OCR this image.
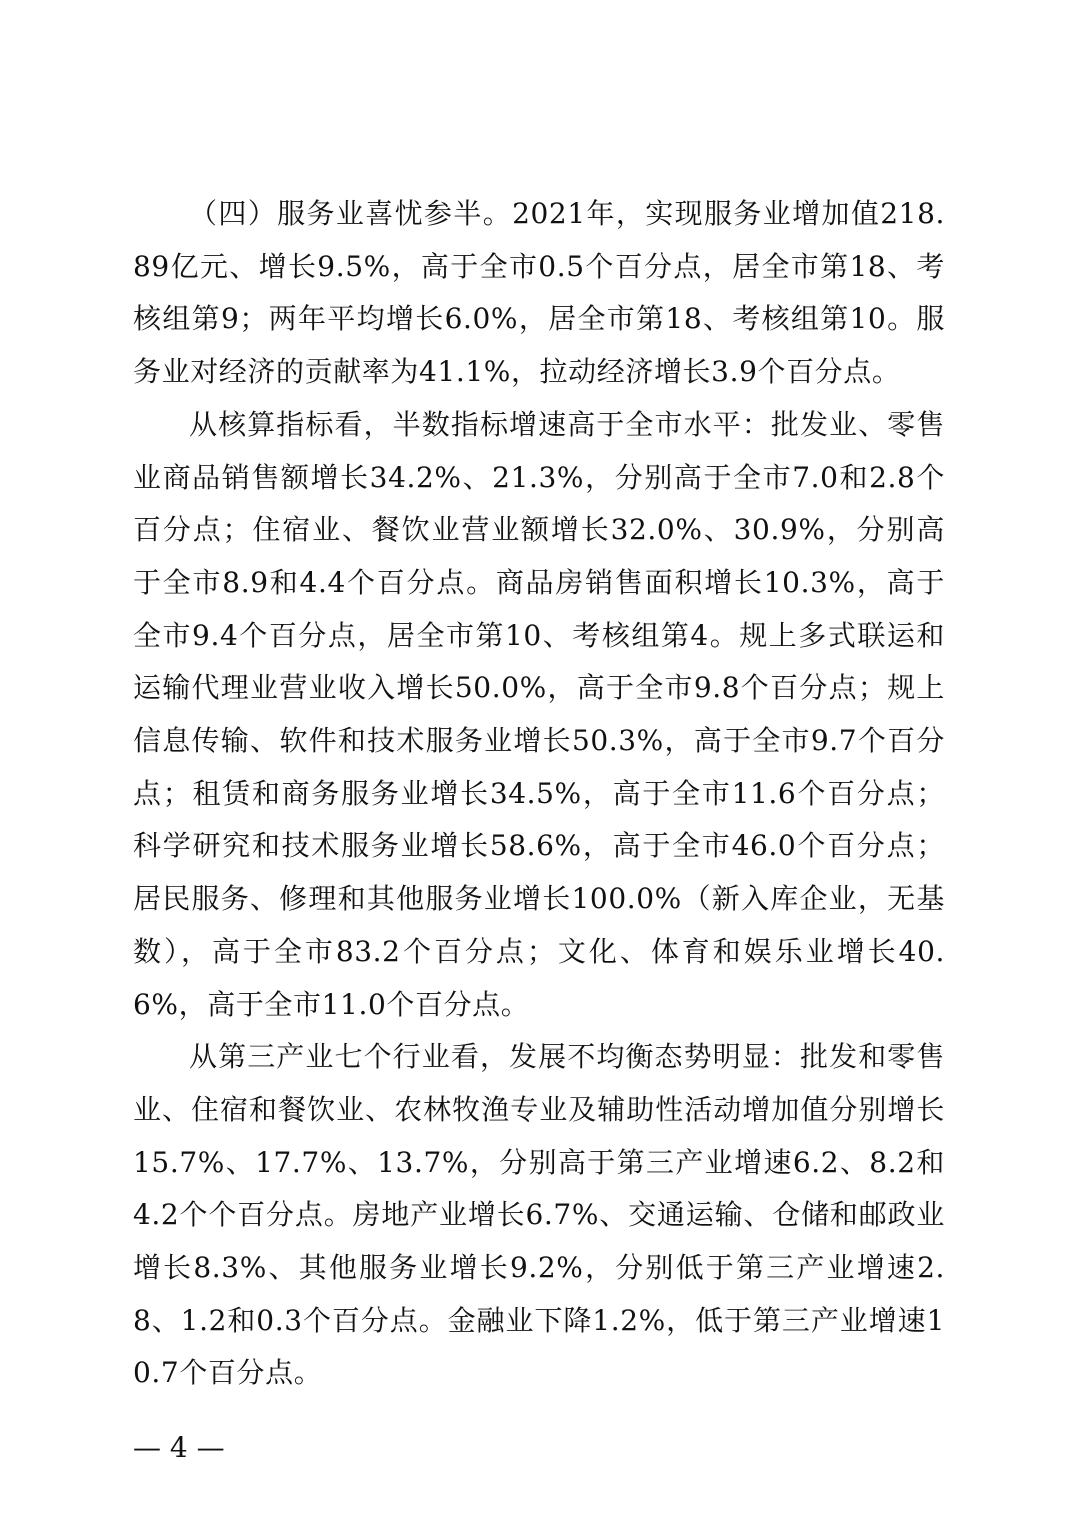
（四）服务业喜忧参半。2021年，实现服务业增加值218.89亿元、增长9.5%，高于全市0.5个百分点，居全市第18、考核组第9；两年平均增长6.0%，居全市第18、考核组第10。服务业对经济的贡献率为41.1%，拉动经济增长3.9个百分点。

从核算指标看，半数指标增速高于全市水平：批发业、零售业商品销售额增长34.2%、21.3%，分别高于全市7.0和2.8个百分点；住宿业、餐饮业营业额增长32.0%、30.9%，分别高于全市8.9和4.4个百分点。商品房销售面积增长10.3%，高于全市9.4个百分点，居全市第10、考核组第4。规上多式联运和运输代理业营业收入增长50.0%，高于全市9.8个百分点；规上信息传输、软件和技术服务业增长50.3%，高于全市9.7个百分点；租赁和商务服务业增长34.5%，高于全市11.6个百分点；科学研究和技术服务业增长58.6%，高于全市46.0个百分点；居民服务、修理和其他服务业增长100.0%（新入库企业，无基数），高于全市83.2个百分点；文化、体育和娱乐业增长40.6%，高于全市11.0个百分点。

从第三产业七个行业看，发展不均衡态势明显：批发和零售业、住宿和餐饮业、农林牧渔专业及辅助性活动增加值分别增长15.7%、17.7%、13.7%，分别高于第三产业增速6.2、8.2和4.2个个百分点。房地产业增长6.7%、交通运输、仓储和邮政业增长8.3%、其他服务业增长9.2%，分别低于第三产业增速2.8、1.2和0.3个百分点。金融业下降1.2%，低于第三产业增速10.7个百分点。

— 4 —
